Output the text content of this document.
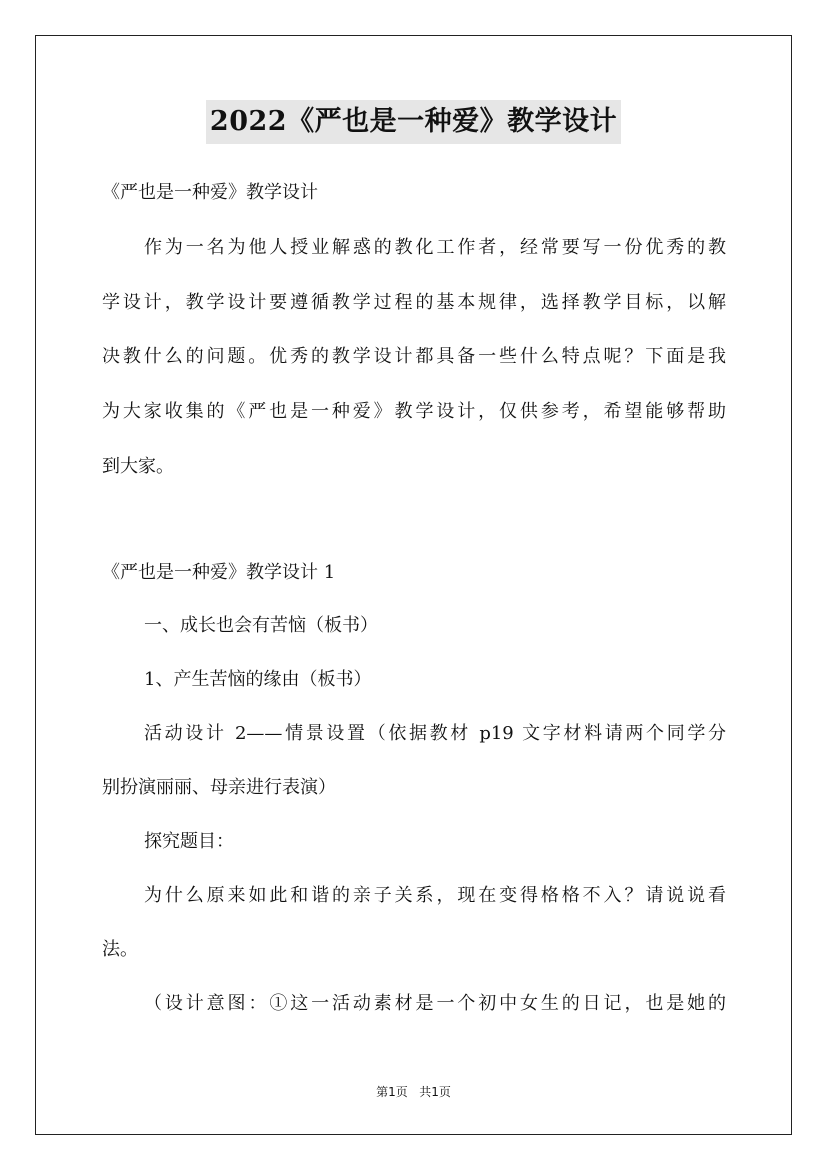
2022《严也是一种爱》教学设计
《严也是一种爱》教学设计
作为一名为他人授业解惑的教化工作者，经常要写一份优秀的教
学设计，教学设计要遵循教学过程的基本规律，选择教学目标，以解
决教什么的问题。优秀的教学设计都具备一些什么特点呢？下面是我
为大家收集的《严也是一种爱》教学设计，仅供参考，希望能够帮助
到大家。
《严也是一种爱》教学设计 1
一、成长也会有苦恼（板书）
1、产生苦恼的缘由（板书）
活动设计 2——情景设置（依据教材 p19 文字材料请两个同学分
别扮演丽丽、母亲进行表演）
探究题目：
为什么原来如此和谐的亲子关系，现在变得格格不入？请说说看
法。
（设计意图：①这一活动素材是一个初中女生的日记，也是她的
第1页   共1页
